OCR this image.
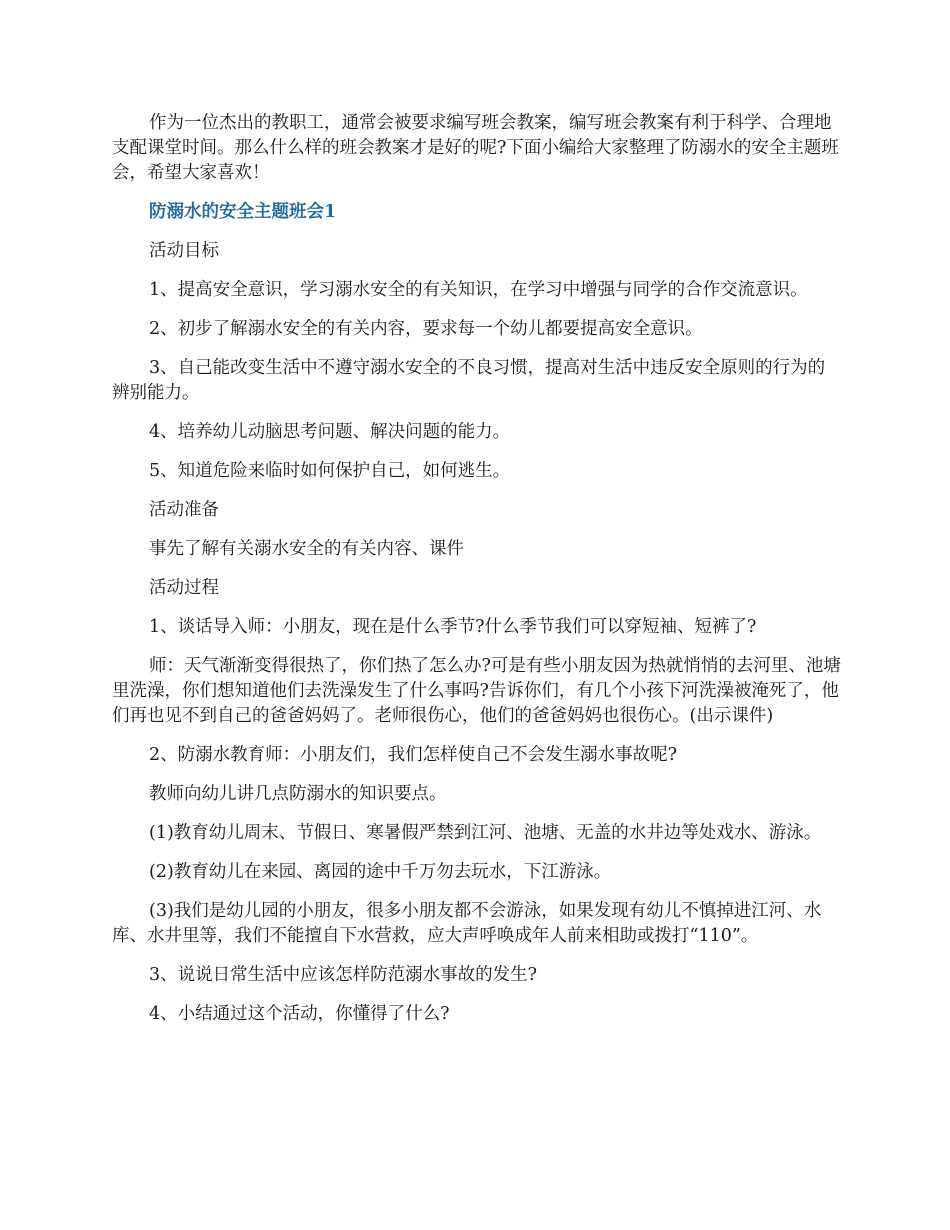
作为一位杰出的教职工，通常会被要求编写班会教案，编写班会教案有利于科学、合理地支配课堂时间。那么什么样的班会教案才是好的呢?下面小编给大家整理了防溺水的安全主题班会，希望大家喜欢！

防溺水的安全主题班会1

活动目标

1、提高安全意识，学习溺水安全的有关知识，在学习中增强与同学的合作交流意识。

2、初步了解溺水安全的有关内容，要求每一个幼儿都要提高安全意识。

3、自己能改变生活中不遵守溺水安全的不良习惯，提高对生活中违反安全原则的行为的辨别能力。

4、培养幼儿动脑思考问题、解决问题的能力。

5、知道危险来临时如何保护自己，如何逃生。

活动准备

事先了解有关溺水安全的有关内容、课件

活动过程

1、谈话导入师：小朋友，现在是什么季节?什么季节我们可以穿短袖、短裤了?

师：天气渐渐变得很热了，你们热了怎么办?可是有些小朋友因为热就悄悄的去河里、池塘里洗澡，你们想知道他们去洗澡发生了什么事吗?告诉你们，有几个小孩下河洗澡被淹死了，他们再也见不到自己的爸爸妈妈了。老师很伤心，他们的爸爸妈妈也很伤心。(出示课件)

2、防溺水教育师：小朋友们，我们怎样使自己不会发生溺水事故呢?

教师向幼儿讲几点防溺水的知识要点。

(1)教育幼儿周末、节假日、寒暑假严禁到江河、池塘、无盖的水井边等处戏水、游泳。

(2)教育幼儿在来园、离园的途中千万勿去玩水，下江游泳。

(3)我们是幼儿园的小朋友，很多小朋友都不会游泳，如果发现有幼儿不慎掉进江河、水库、水井里等，我们不能擅自下水营救，应大声呼唤成年人前来相助或拨打“110”。

3、说说日常生活中应该怎样防范溺水事故的发生?

4、小结通过这个活动，你懂得了什么?
